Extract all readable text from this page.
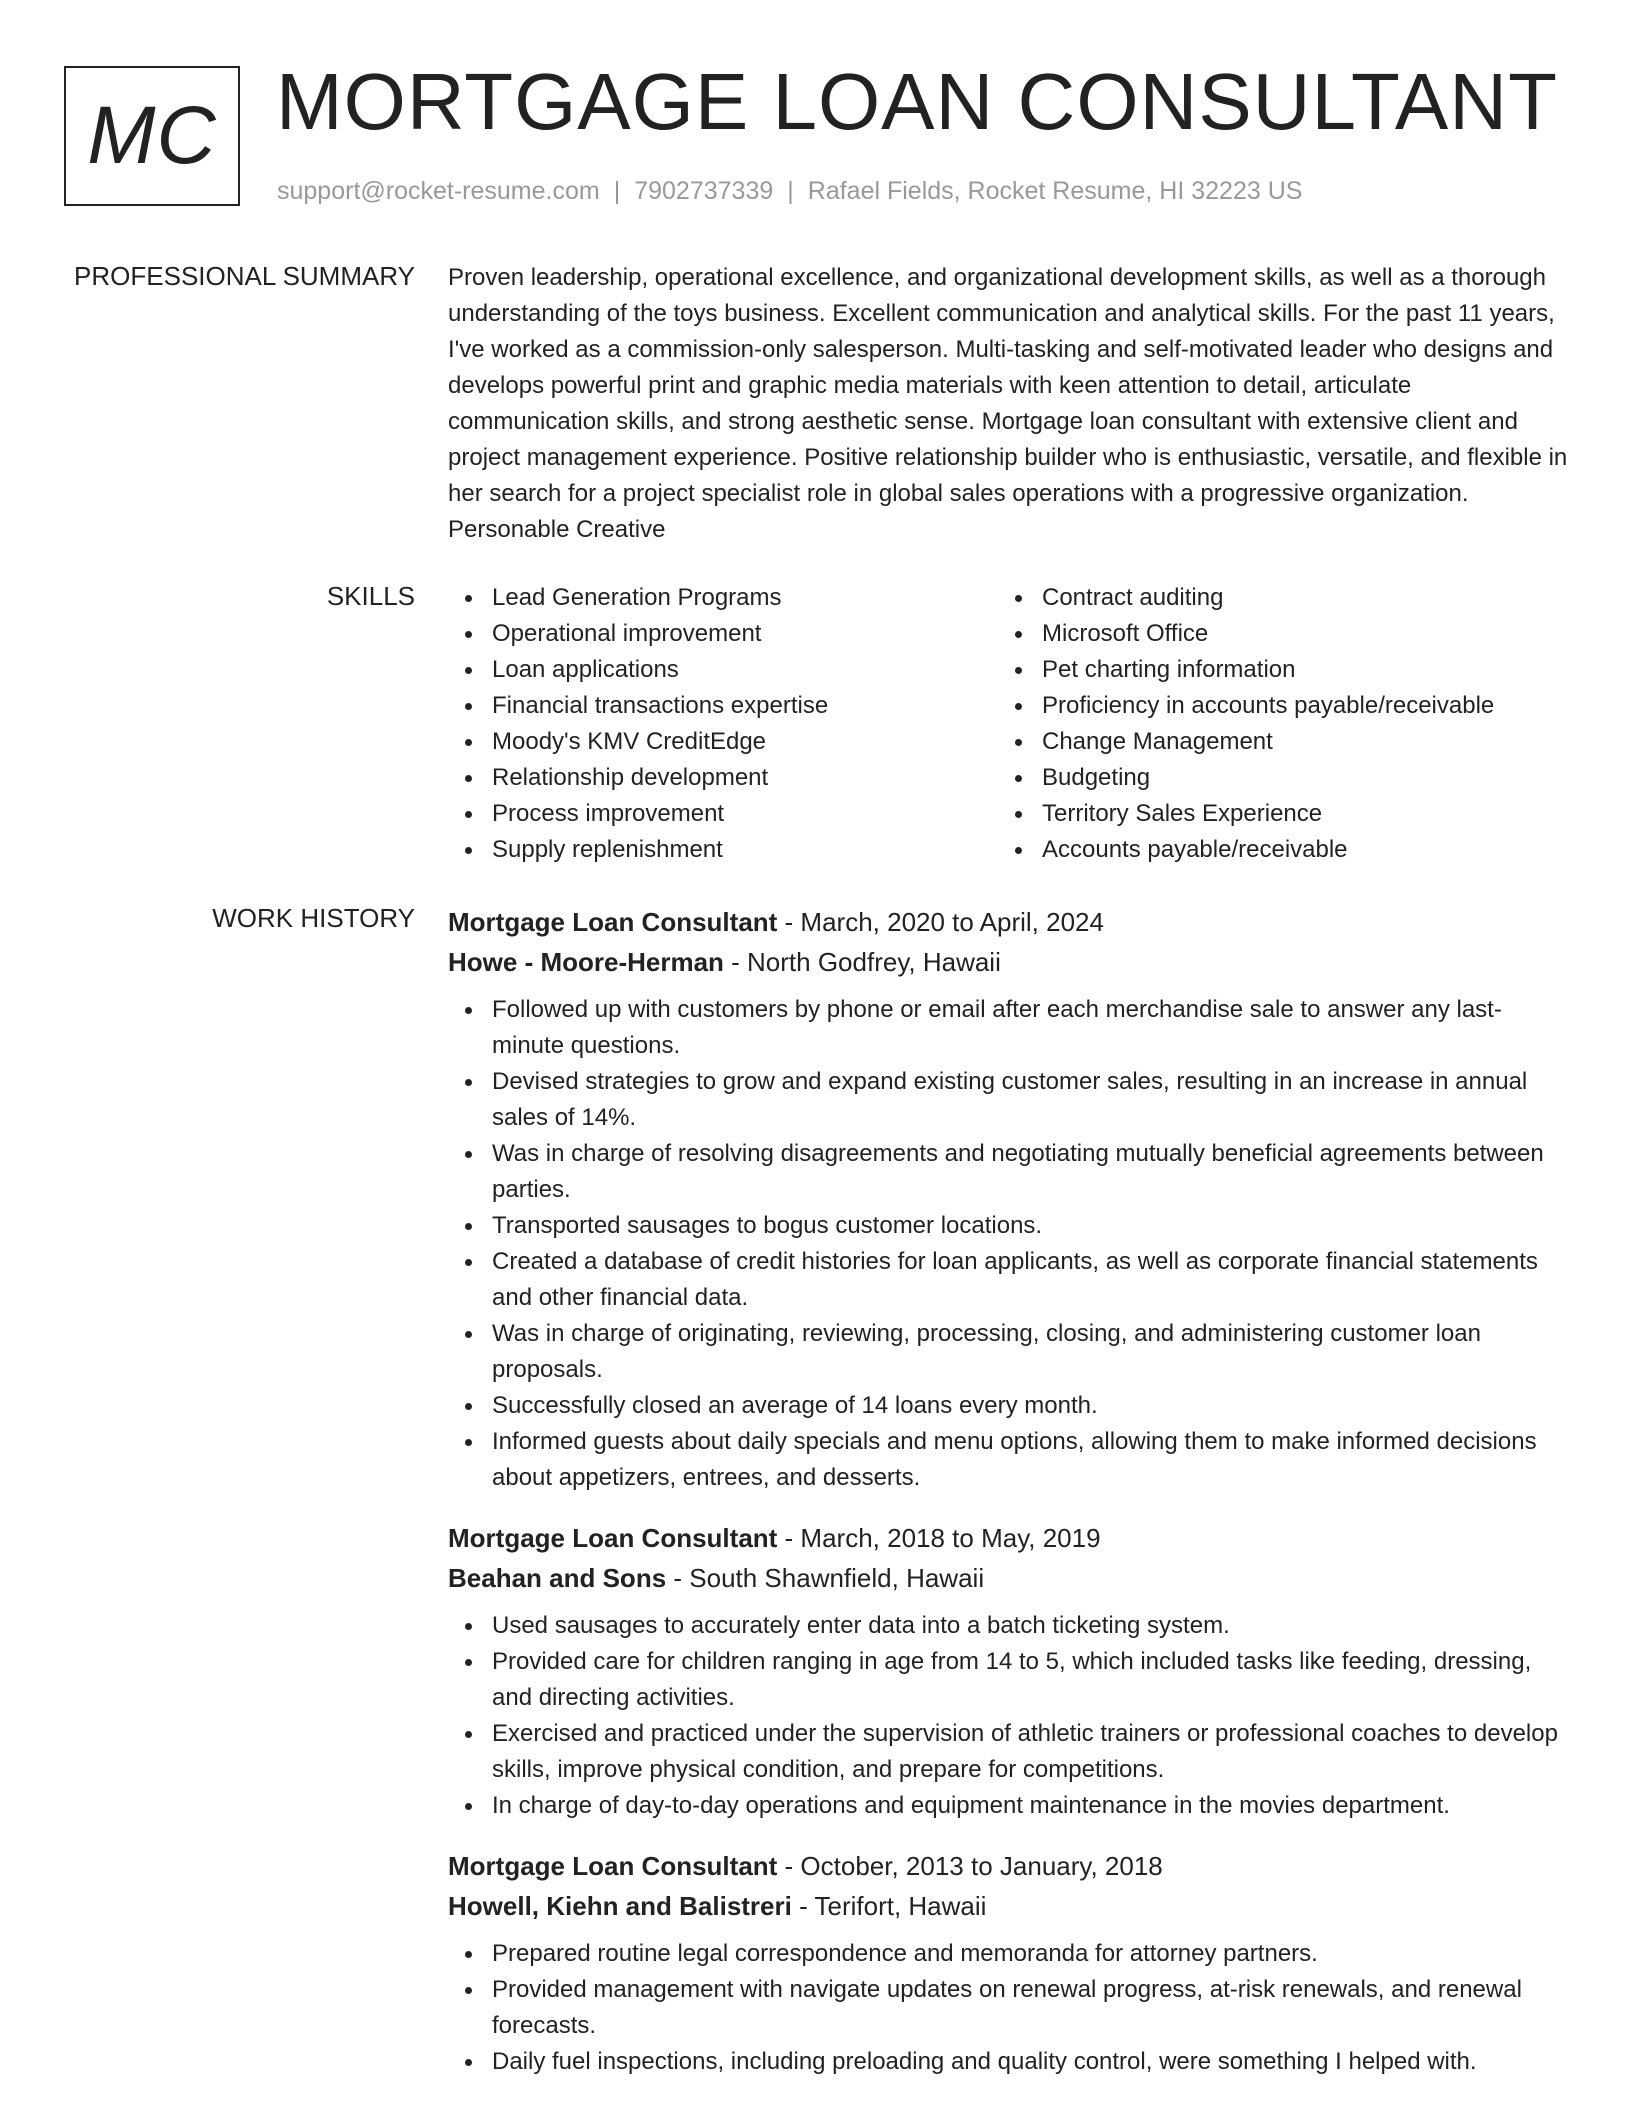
MC MORTGAGE LOAN CONSULTANT
support@rocket-resume.com | 7902737339 | Rafael Fields, Rocket Resume, HI 32223 US
PROFESSIONAL SUMMARY Proven leadership, operational excellence, and organizational development skills, as well as a thorough understanding of the toys business. Excellent communication and analytical skills. For the past 11 years, I've worked as a commission-only salesperson. Multi-tasking and self-motivated leader who designs and develops powerful print and graphic media materials with keen attention to detail, articulate communication skills, and strong aesthetic sense. Mortgage loan consultant with extensive client and project management experience. Positive relationship builder who is enthusiastic, versatile, and flexible in her search for a project specialist role in global sales operations with a progressive organization. Personable Creative

SKILLS	Lead Generation Programs
Operational improvement
Loan applications
Financial transactions expertise
Moody's KMV CreditEdge
Relationship development
Process improvement
Supply replenishment
Contract auditing
Microsoft Office
Pet charting information
Proficiency in accounts payable/receivable
Change Management
Budgeting
Territory Sales Experience
Accounts payable/receivable
WORK HISTORY Mortgage Loan Consultant - March, 2020 to April, 2024
Howe - Moore-Herman - North Godfrey, Hawaii
Followed up with customers by phone or email after each merchandise sale to answer any last-minute questions.
Devised strategies to grow and expand existing customer sales, resulting in an increase in annual sales of 14%.
Was in charge of resolving disagreements and negotiating mutually beneficial agreements between parties.
Transported sausages to bogus customer locations.
Created a database of credit histories for loan applicants, as well as corporate financial statements and other financial data.
Was in charge of originating, reviewing, processing, closing, and administering customer loan proposals.
Successfully closed an average of 14 loans every month.
Informed guests about daily specials and menu options, allowing them to make informed decisions about appetizers, entrees, and desserts.
Mortgage Loan Consultant - March, 2018 to May, 2019
Beahan and Sons - South Shawnfield, Hawaii
Used sausages to accurately enter data into a batch ticketing system.
Provided care for children ranging in age from 14 to 5, which included tasks like feeding, dressing, and directing activities.
Exercised and practiced under the supervision of athletic trainers or professional coaches to develop skills, improve physical condition, and prepare for competitions.
In charge of day-to-day operations and equipment maintenance in the movies department.
Mortgage Loan Consultant - October, 2013 to January, 2018
Howell, Kiehn and Balistreri - Terifort, Hawaii
Prepared routine legal correspondence and memoranda for attorney partners.
Provided management with navigate updates on renewal progress, at-risk renewals, and renewal forecasts.
Daily fuel inspections, including preloading and quality control, were something I helped with.
